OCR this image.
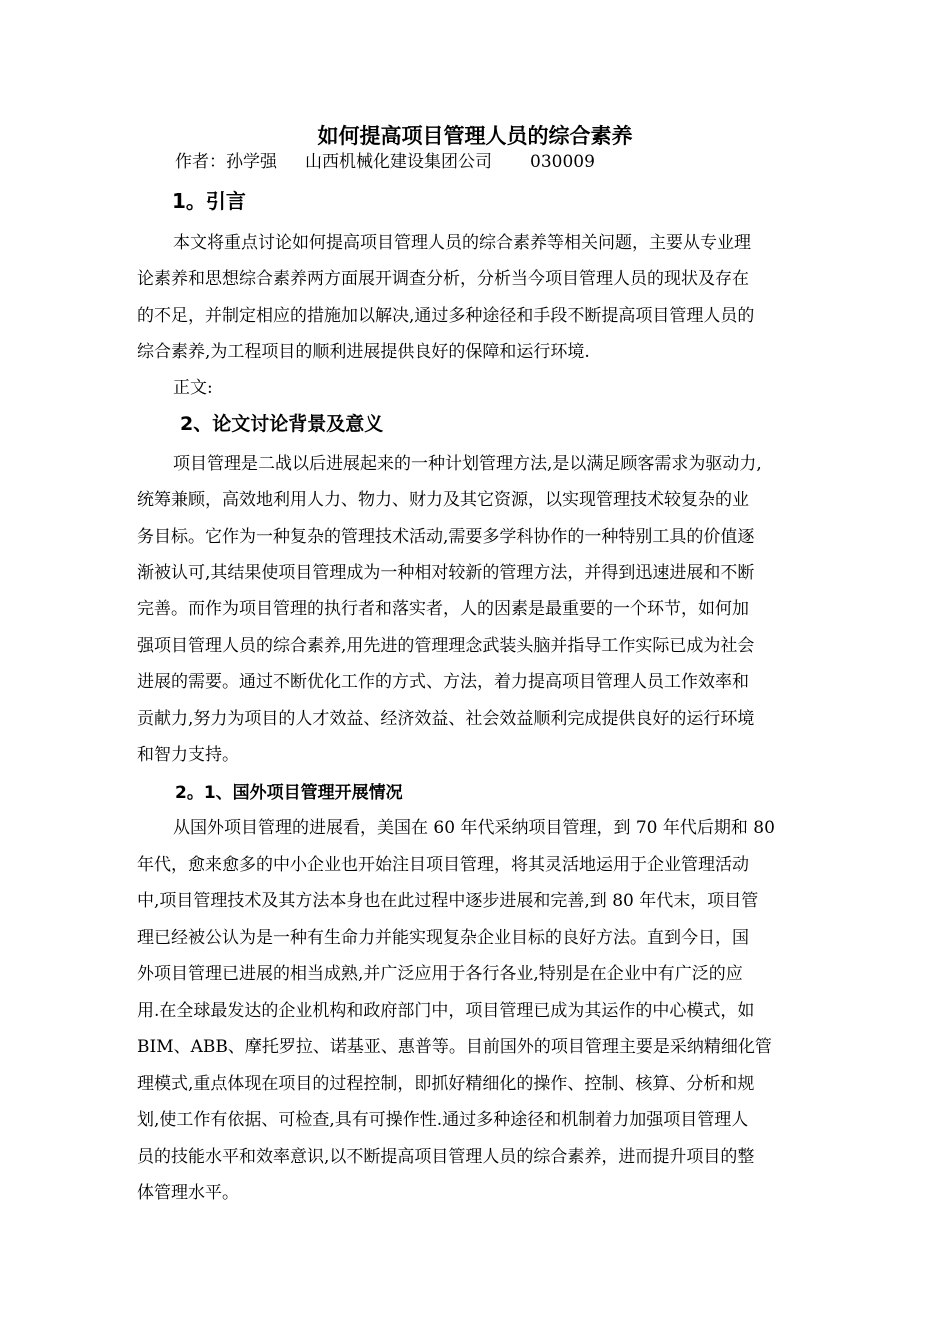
如何提高项目管理人员的综合素养
作者：孙学强 山西机械化建设集团公司 030009
1。引言
本文将重点讨论如何提高项目管理人员的综合素养等相关问题，主要从专业理
论素养和思想综合素养两方面展开调查分析，分析当今项目管理人员的现状及存在
的不足，并制定相应的措施加以解决,通过多种途径和手段不断提高项目管理人员的
综合素养,为工程项目的顺利进展提供良好的保障和运行环境.
正文:
2、论文讨论背景及意义
项目管理是二战以后进展起来的一种计划管理方法,是以满足顾客需求为驱动力,
统筹兼顾，高效地利用人力、物力、财力及其它资源，以实现管理技术较复杂的业
务目标。它作为一种复杂的管理技术活动,需要多学科协作的一种特别工具的价值逐
渐被认可,其结果使项目管理成为一种相对较新的管理方法，并得到迅速进展和不断
完善。而作为项目管理的执行者和落实者，人的因素是最重要的一个环节，如何加
强项目管理人员的综合素养,用先进的管理理念武装头脑并指导工作实际已成为社会
进展的需要。通过不断优化工作的方式、方法，着力提高项目管理人员工作效率和
贡献力,努力为项目的人才效益、经济效益、社会效益顺利完成提供良好的运行环境
和智力支持。
2。1、国外项目管理开展情况
从国外项目管理的进展看，美国在 60 年代采纳项目管理，到 70 年代后期和 80
年代，愈来愈多的中小企业也开始注目项目管理，将其灵活地运用于企业管理活动
中,项目管理技术及其方法本身也在此过程中逐步进展和完善,到 80 年代末，项目管
理已经被公认为是一种有生命力并能实现复杂企业目标的良好方法。直到今日，国
外项目管理已进展的相当成熟,并广泛应用于各行各业,特别是在企业中有广泛的应
用.在全球最发达的企业机构和政府部门中，项目管理已成为其运作的中心模式，如
BIM、ABB、摩托罗拉、诺基亚、惠普等。目前国外的项目管理主要是采纳精细化管
理模式,重点体现在项目的过程控制，即抓好精细化的操作、控制、核算、分析和规
划,使工作有依据、可检查,具有可操作性.通过多种途径和机制着力加强项目管理人
员的技能水平和效率意识,以不断提高项目管理人员的综合素养，进而提升项目的整
体管理水平。
